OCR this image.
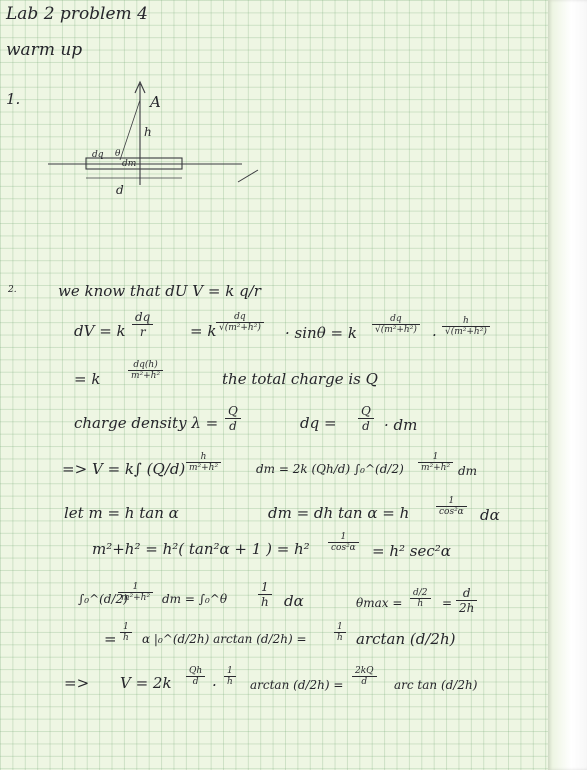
Lab 2 problem 4
warm up
1.	A
h
dq θ
dm
d
2.	we know that dU V = k q/r
dV = k $\frac{dq}{r} = k \frac{dq}{\text{√(m²+h²)}} \cdot \sin\theta = k \frac{dq}{\text{√(m²+h²)}} \cdot \frac{h}{\text{√(m²+h²)}}$
= k	$\frac{dq(h)}{\text{m²+h²}}$	the total charge is Q
charge density $\lambda = \frac{Q}{d}$	dq = $\frac{Q}{d}$ · dm
=> V = k∫ $(Q/d) \frac{h}{\text{m²+h²}}$	dm = 2k (Qh/d) ∫₀^(d/2) $\frac{1}{\text{m²+h²}}$ dm
let m = h tan α	dm = dh tan α = h	$\frac{1}{\text{cos²α}}$ dα
m²+h² = h²( tan²α + 1 ) = $h^2 \frac{1}{\text{cos²α}} = h^2$ sec²α
∫₀^(d/2)
$\frac{1}{\text{m²+h²}}$ dm = ∫₀^θ	$\frac{1}{h}$ dα	$\theta\max = \frac{d/2}{h} = \frac{d}{2h}$
= $\frac{1}{h}$ α |₀^(d/2h) arctan (d/2h) =	$\frac{1}{h}$ arctan (d/2h)
=> $V = 2k \frac{Qh}{d} \cdot \frac{1}{h}$ $\arctan (d/2h) = \frac{2kQ}{d}$ arc tan (d/2h)
